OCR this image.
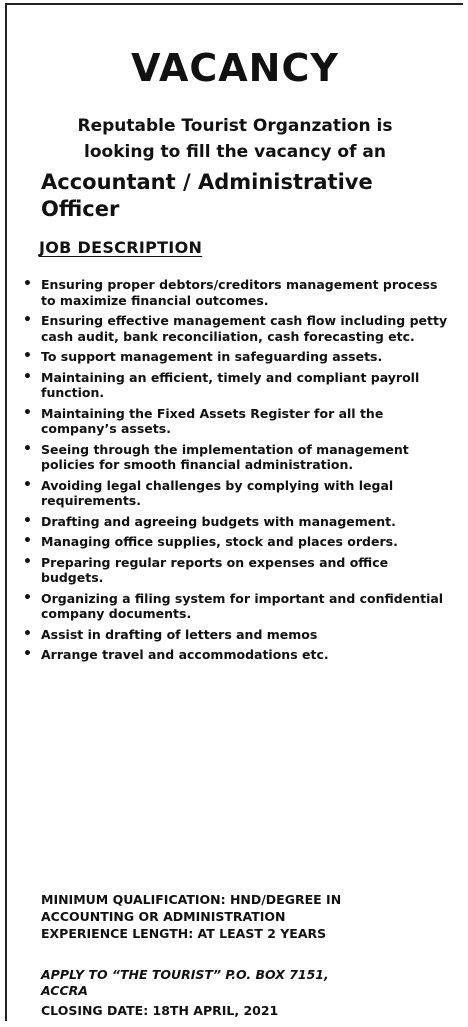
VACANCY
Reputable Tourist Organzation is
looking to fill the vacancy of an
Accountant / Administrative
Officer
JOB DESCRIPTION
• Ensuring proper debtors/creditors management process to maximize financial outcomes.
• Ensuring effective management cash flow including petty cash audit, bank reconciliation, cash forecasting etc.
• To support management in safeguarding assets.
• Maintaining an efficient, timely and compliant payroll function.
• Maintaining the Fixed Assets Register for all the company’s assets.
• Seeing through the implementation of management policies for smooth financial administration.
• Avoiding legal challenges by complying with legal requirements.
• Drafting and agreeing budgets with management.
• Managing office supplies, stock and places orders.
• Preparing regular reports on expenses and office budgets.
• Organizing a filing system for important and confidential company documents.
• Assist in drafting of letters and memos
• Arrange travel and accommodations etc.
MINIMUM QUALIFICATION: HND/DEGREE IN
ACCOUNTING OR ADMINISTRATION
EXPERIENCE LENGTH: AT LEAST 2 YEARS
APPLY TO “THE TOURIST” P.O. BOX 7151,
ACCRA
CLOSING DATE: 18TH APRIL, 2021
